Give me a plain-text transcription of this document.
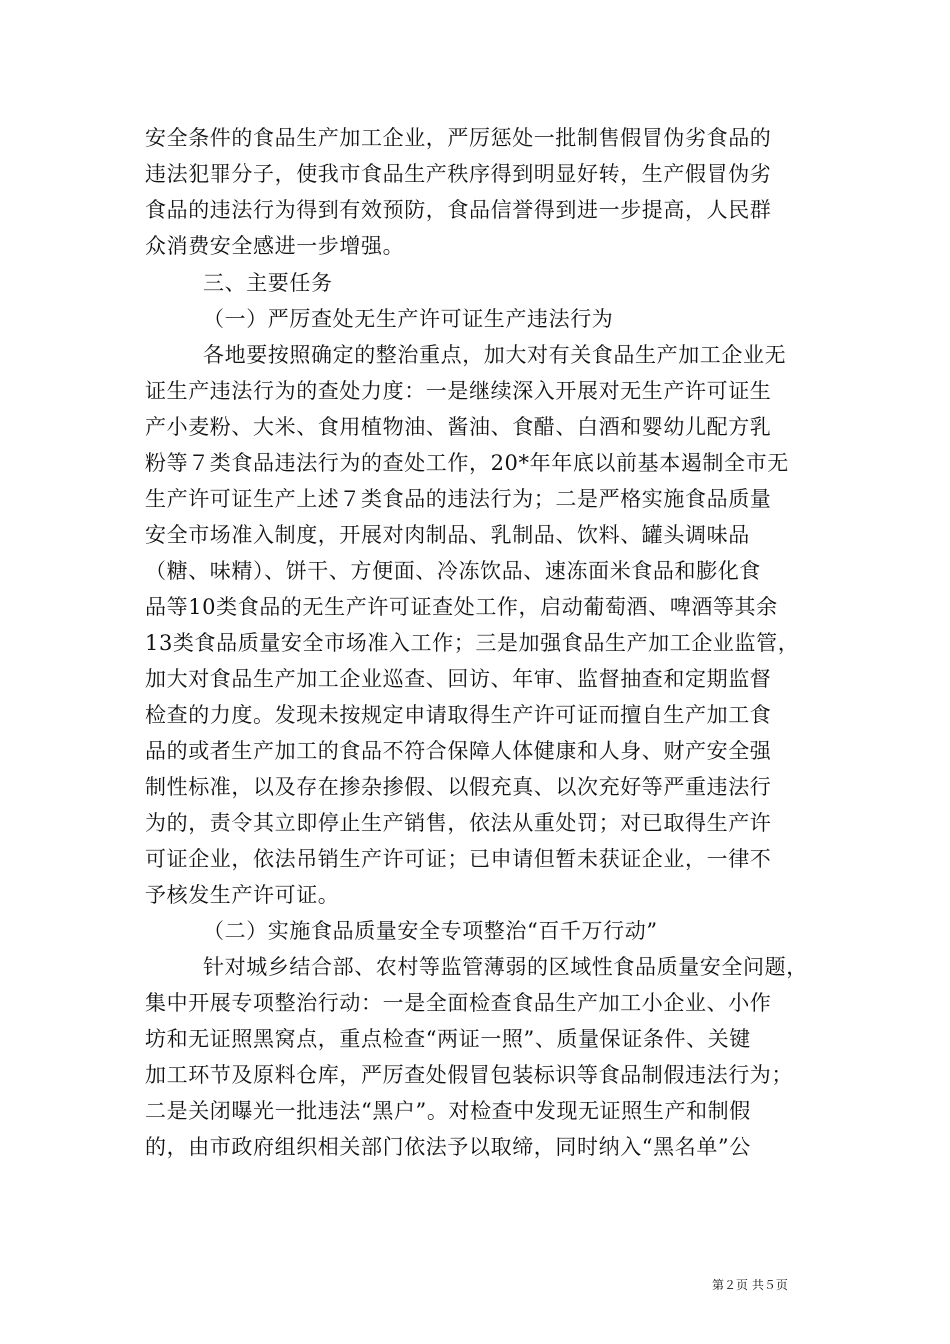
安全条件的食品生产加工企业，严厉惩处一批制售假冒伪劣食品的
违法犯罪分子，使我市食品生产秩序得到明显好转，生产假冒伪劣
食品的违法行为得到有效预防，食品信誉得到进一步提高，人民群
众消费安全感进一步增强。
三、主要任务
（一）严厉查处无生产许可证生产违法行为
各地要按照确定的整治重点，加大对有关食品生产加工企业无
证生产违法行为的查处力度：一是继续深入开展对无生产许可证生
产小麦粉、大米、食用植物油、酱油、食醋、白酒和婴幼儿配方乳
粉等７类食品违法行为的查处工作，20*年年底以前基本遏制全市无
生产许可证生产上述７类食品的违法行为；二是严格实施食品质量
安全市场准入制度，开展对肉制品、乳制品、饮料、罐头调味品
（糖、味精）、饼干、方便面、冷冻饮品、速冻面米食品和膨化食
品等10类食品的无生产许可证查处工作，启动葡萄酒、啤酒等其余
13类食品质量安全市场准入工作；三是加强食品生产加工企业监管，
加大对食品生产加工企业巡查、回访、年审、监督抽查和定期监督
检查的力度。发现未按规定申请取得生产许可证而擅自生产加工食
品的或者生产加工的食品不符合保障人体健康和人身、财产安全强
制性标准，以及存在掺杂掺假、以假充真、以次充好等严重违法行
为的，责令其立即停止生产销售，依法从重处罚；对已取得生产许
可证企业，依法吊销生产许可证；已申请但暂未获证企业，一律不
予核发生产许可证。
（二）实施食品质量安全专项整治“百千万行动”
针对城乡结合部、农村等监管薄弱的区域性食品质量安全问题，
集中开展专项整治行动：一是全面检查食品生产加工小企业、小作
坊和无证照黑窝点，重点检查“两证一照”、质量保证条件、关键
加工环节及原料仓库，严厉查处假冒包装标识等食品制假违法行为；
二是关闭曝光一批违法“黑户”。对检查中发现无证照生产和制假
的，由市政府组织相关部门依法予以取缔，同时纳入“黑名单”公
第２页 共５页
